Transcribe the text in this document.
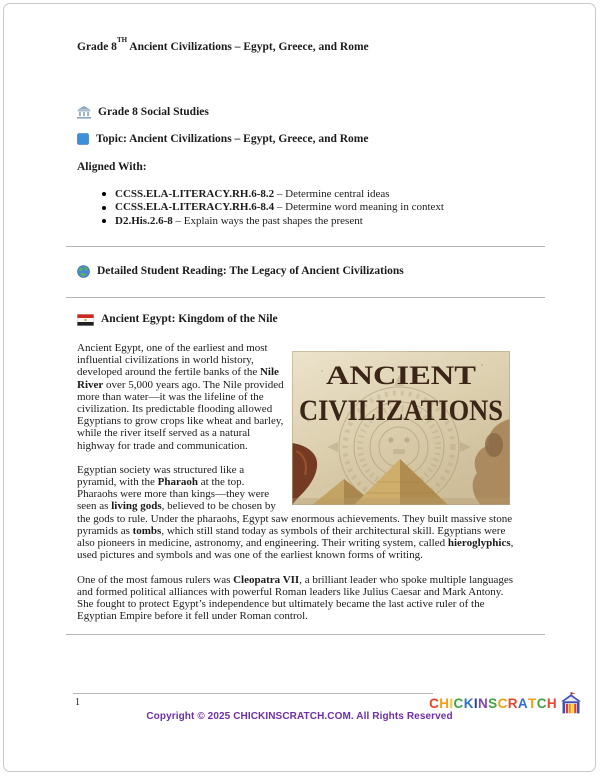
Grade 8TH Ancient Civilizations – Egypt, Greece, and Rome
Grade 8 Social Studies
Topic: Ancient Civilizations – Egypt, Greece, and Rome
Aligned With:
CCSS.ELA-LITERACY.RH.6-8.2 – Determine central ideas
CCSS.ELA-LITERACY.RH.6-8.4 – Determine word meaning in context
D2.His.2.6-8 – Explain ways the past shapes the present
Detailed Student Reading: The Legacy of Ancient Civilizations
Ancient Egypt: Kingdom of the Nile
ANCIENT
CIVILIZATIONS

Ancient Egypt, one of the earliest and most influential civilizations in world history, developed around the fertile banks of the Nile River over 5,000 years ago. The Nile provided more than water—it was the lifeline of the civilization. Its predictable flooding allowed Egyptians to grow crops like wheat and barley, while the river itself served as a natural highway for trade and communication.

Egyptian society was structured like a pyramid, with the Pharaoh at the top. Pharaohs were more than kings—they were seen as living gods, believed to be chosen by the gods to rule. Under the pharaohs, Egypt saw enormous achievements. They built massive stone pyramids as tombs, which still stand today as symbols of their architectural skill. Egyptians were also pioneers in medicine, astronomy, and engineering. Their writing system, called hieroglyphics, used pictures and symbols and was one of the earliest known forms of writing.

One of the most famous rulers was Cleopatra VII, a brilliant leader who spoke multiple languages and formed political alliances with powerful Roman leaders like Julius Caesar and Mark Antony. She fought to protect Egypt’s independence but ultimately became the last active ruler of the Egyptian Empire before it fell under Roman control.

1
Copyright © 2025 CHICKINSCRATCH.COM. All Rights Reserved
C H I C K I N S C R A T C H
